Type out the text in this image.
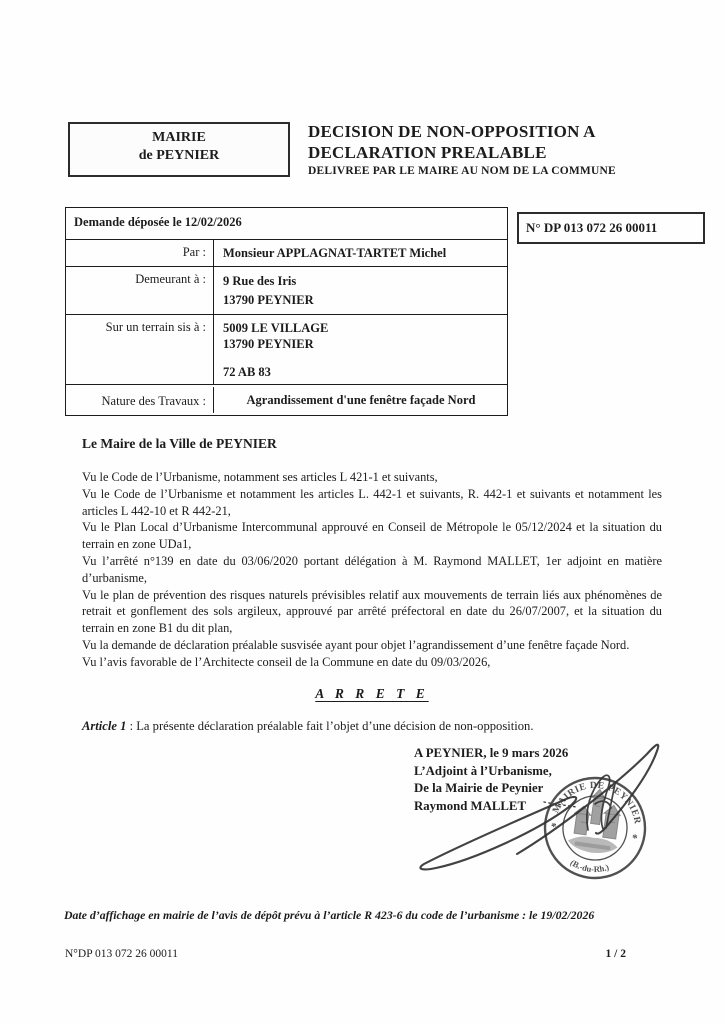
MAIRIE
de PEYNIER
DECISION DE NON-OPPOSITION A
DECLARATION PREALABLE
DELIVREE PAR LE MAIRE AU NOM DE LA COMMUNE
N° DP 013 072 26 00011
Demande déposée le 12/02/2026
Par :	Monsieur APPLAGNAT-TARTET Michel
Demeurant à :	9 Rue des Iris
13790 PEYNIER
Sur un terrain sis à :	5009 LE VILLAGE
13790 PEYNIER
72 AB 83
Nature des Travaux :	Agrandissement d'une fenêtre façade Nord
Le Maire de la Ville de PEYNIER

Vu le Code de l’Urbanisme, notamment ses articles L 421-1 et suivants,

Vu le Code de l’Urbanisme et notamment les articles L. 442-1 et suivants, R. 442-1 et suivants et notamment les articles L 442-10 et R 442-21,

Vu le Plan Local d’Urbanisme Intercommunal approuvé en Conseil de Métropole le 05/12/2024 et la situation du terrain en zone UDa1,

Vu l’arrêté n°139 en date du 03/06/2020 portant délégation à M. Raymond MALLET, 1er adjoint en matière d’urbanisme,

Vu le plan de prévention des risques naturels prévisibles relatif aux mouvements de terrain liés aux phénomènes de retrait et gonflement des sols argileux, approuvé par arrêté préfectoral en date du 26/07/2007, et la situation du terrain en zone B1 du dit plan,

Vu la demande de déclaration préalable susvisée ayant pour objet l’agrandissement d’une fenêtre façade Nord.

Vu l’avis favorable de l’Architecte conseil de la Commune en date du 09/03/2026,

A R R E T E

Article 1 : La présente déclaration préalable fait l’objet d’une décision de non-opposition.

A PEYNIER, le 9 mars 2026
L’Adjoint à l’Urbanisme,
De la Mairie de Peynier
Raymond MALLET	MAIRIE DE PEYNIER
(B.-du-Rh.)
*
*
Date d’affichage en mairie de l’avis de dépôt prévu à l’article R 423-6 du code de l’urbanisme : le 19/02/2026
N°DP 013 072 26 00011	1 / 2
